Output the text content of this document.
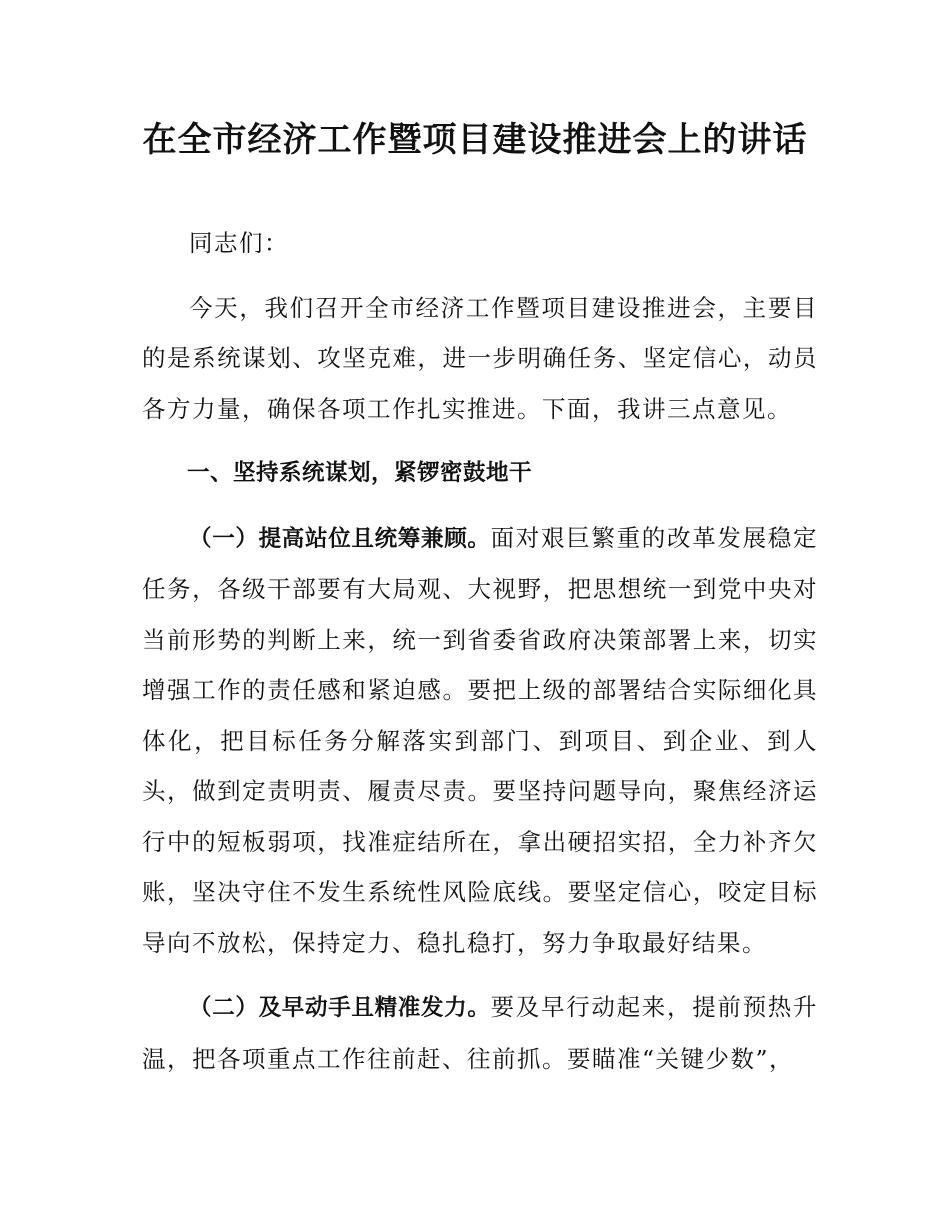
在全市经济工作暨项目建设推进会上的讲话

同志们：

今天，我们召开全市经济工作暨项目建设推进会，主要目的是系统谋划、攻坚克难，进一步明确任务、坚定信心，动员各方力量，确保各项工作扎实推进。下面，我讲三点意见。

一、坚持系统谋划，紧锣密鼓地干

（一）提高站位且统筹兼顾。面对艰巨繁重的改革发展稳定任务，各级干部要有大局观、大视野，把思想统一到党中央对当前形势的判断上来，统一到省委省政府决策部署上来，切实增强工作的责任感和紧迫感。要把上级的部署结合实际细化具体化，把目标任务分解落实到部门、到项目、到企业、到人头，做到定责明责、履责尽责。要坚持问题导向，聚焦经济运行中的短板弱项，找准症结所在，拿出硬招实招，全力补齐欠账，坚决守住不发生系统性风险底线。要坚定信心，咬定目标导向不放松，保持定力、稳扎稳打，努力争取最好结果。

（二）及早动手且精准发力。要及早行动起来，提前预热升温，把各项重点工作往前赶、往前抓。要瞄准“关键少数”，
